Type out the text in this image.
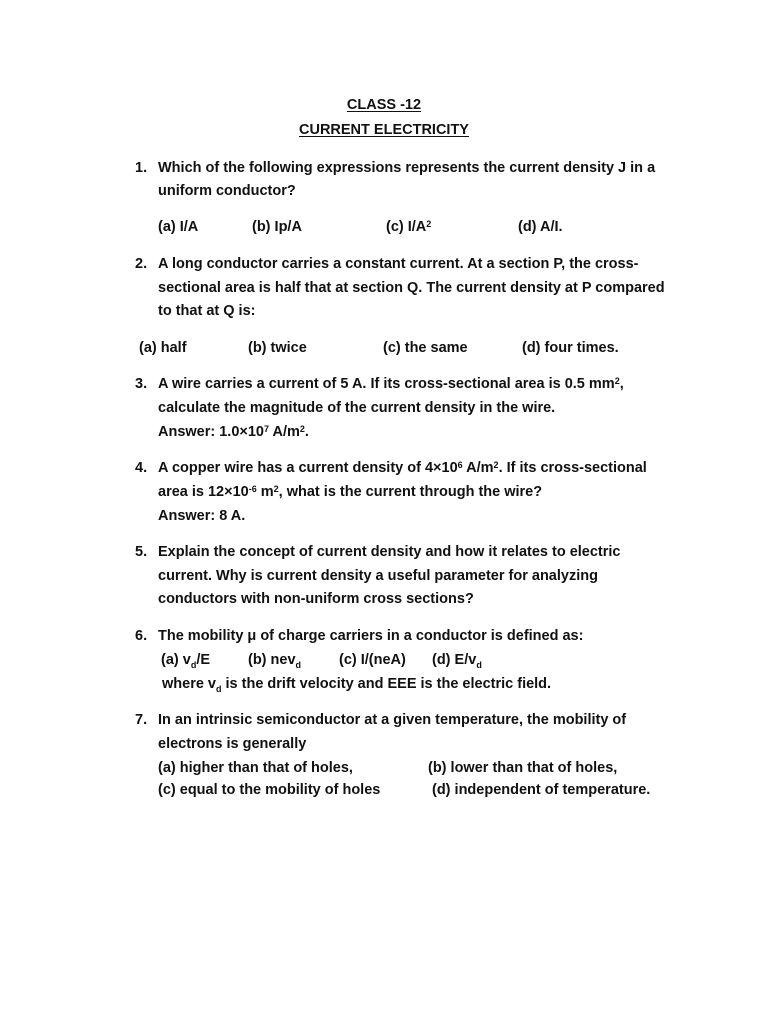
CLASS -12
CURRENT ELECTRICITY
1. Which of the following expressions represents the current density J in a
uniform conductor?
(a) I/A	(b) Ip/A	(c) $I/A^2$	(d) A/I.
2. A long conductor carries a constant current. At a section P, the cross-
sectional area is half that at section Q. The current density at P compared
to that at Q is:
(a) half	(b) twice	(c) the same	(d) four times.
3. A wire carries a current of 5 A. If its cross-sectional area is 0.5 $mm^2$,
calculate the magnitude of the current density in the wire.
Answer: $1.0\times 10^7$ $A/m^2$.
4. A copper wire has a current density of $4\times 10^6$ $A/m^2$. If its cross-sectional
area is $12\times 10^{-6}$ $m^2$, what is the current through the wire?
Answer: 8 A.
5. Explain the concept of current density and how it relates to electric
current. Why is current density a useful parameter for analyzing
conductors with non-uniform cross sections?
6. The mobility μ of charge carriers in a conductor is defined as:
(a) $v_d/E$	(b) nev$_d$	(c) I/(neA) (d) $E/v_d$
where $v_d$ is the drift velocity and EEE is the electric field.
7. In an intrinsic semiconductor at a given temperature, the mobility of
electrons is generally
(a) higher than that of holes,	(b) lower than that of holes,
(c) equal to the mobility of holes	(d) independent of temperature.
